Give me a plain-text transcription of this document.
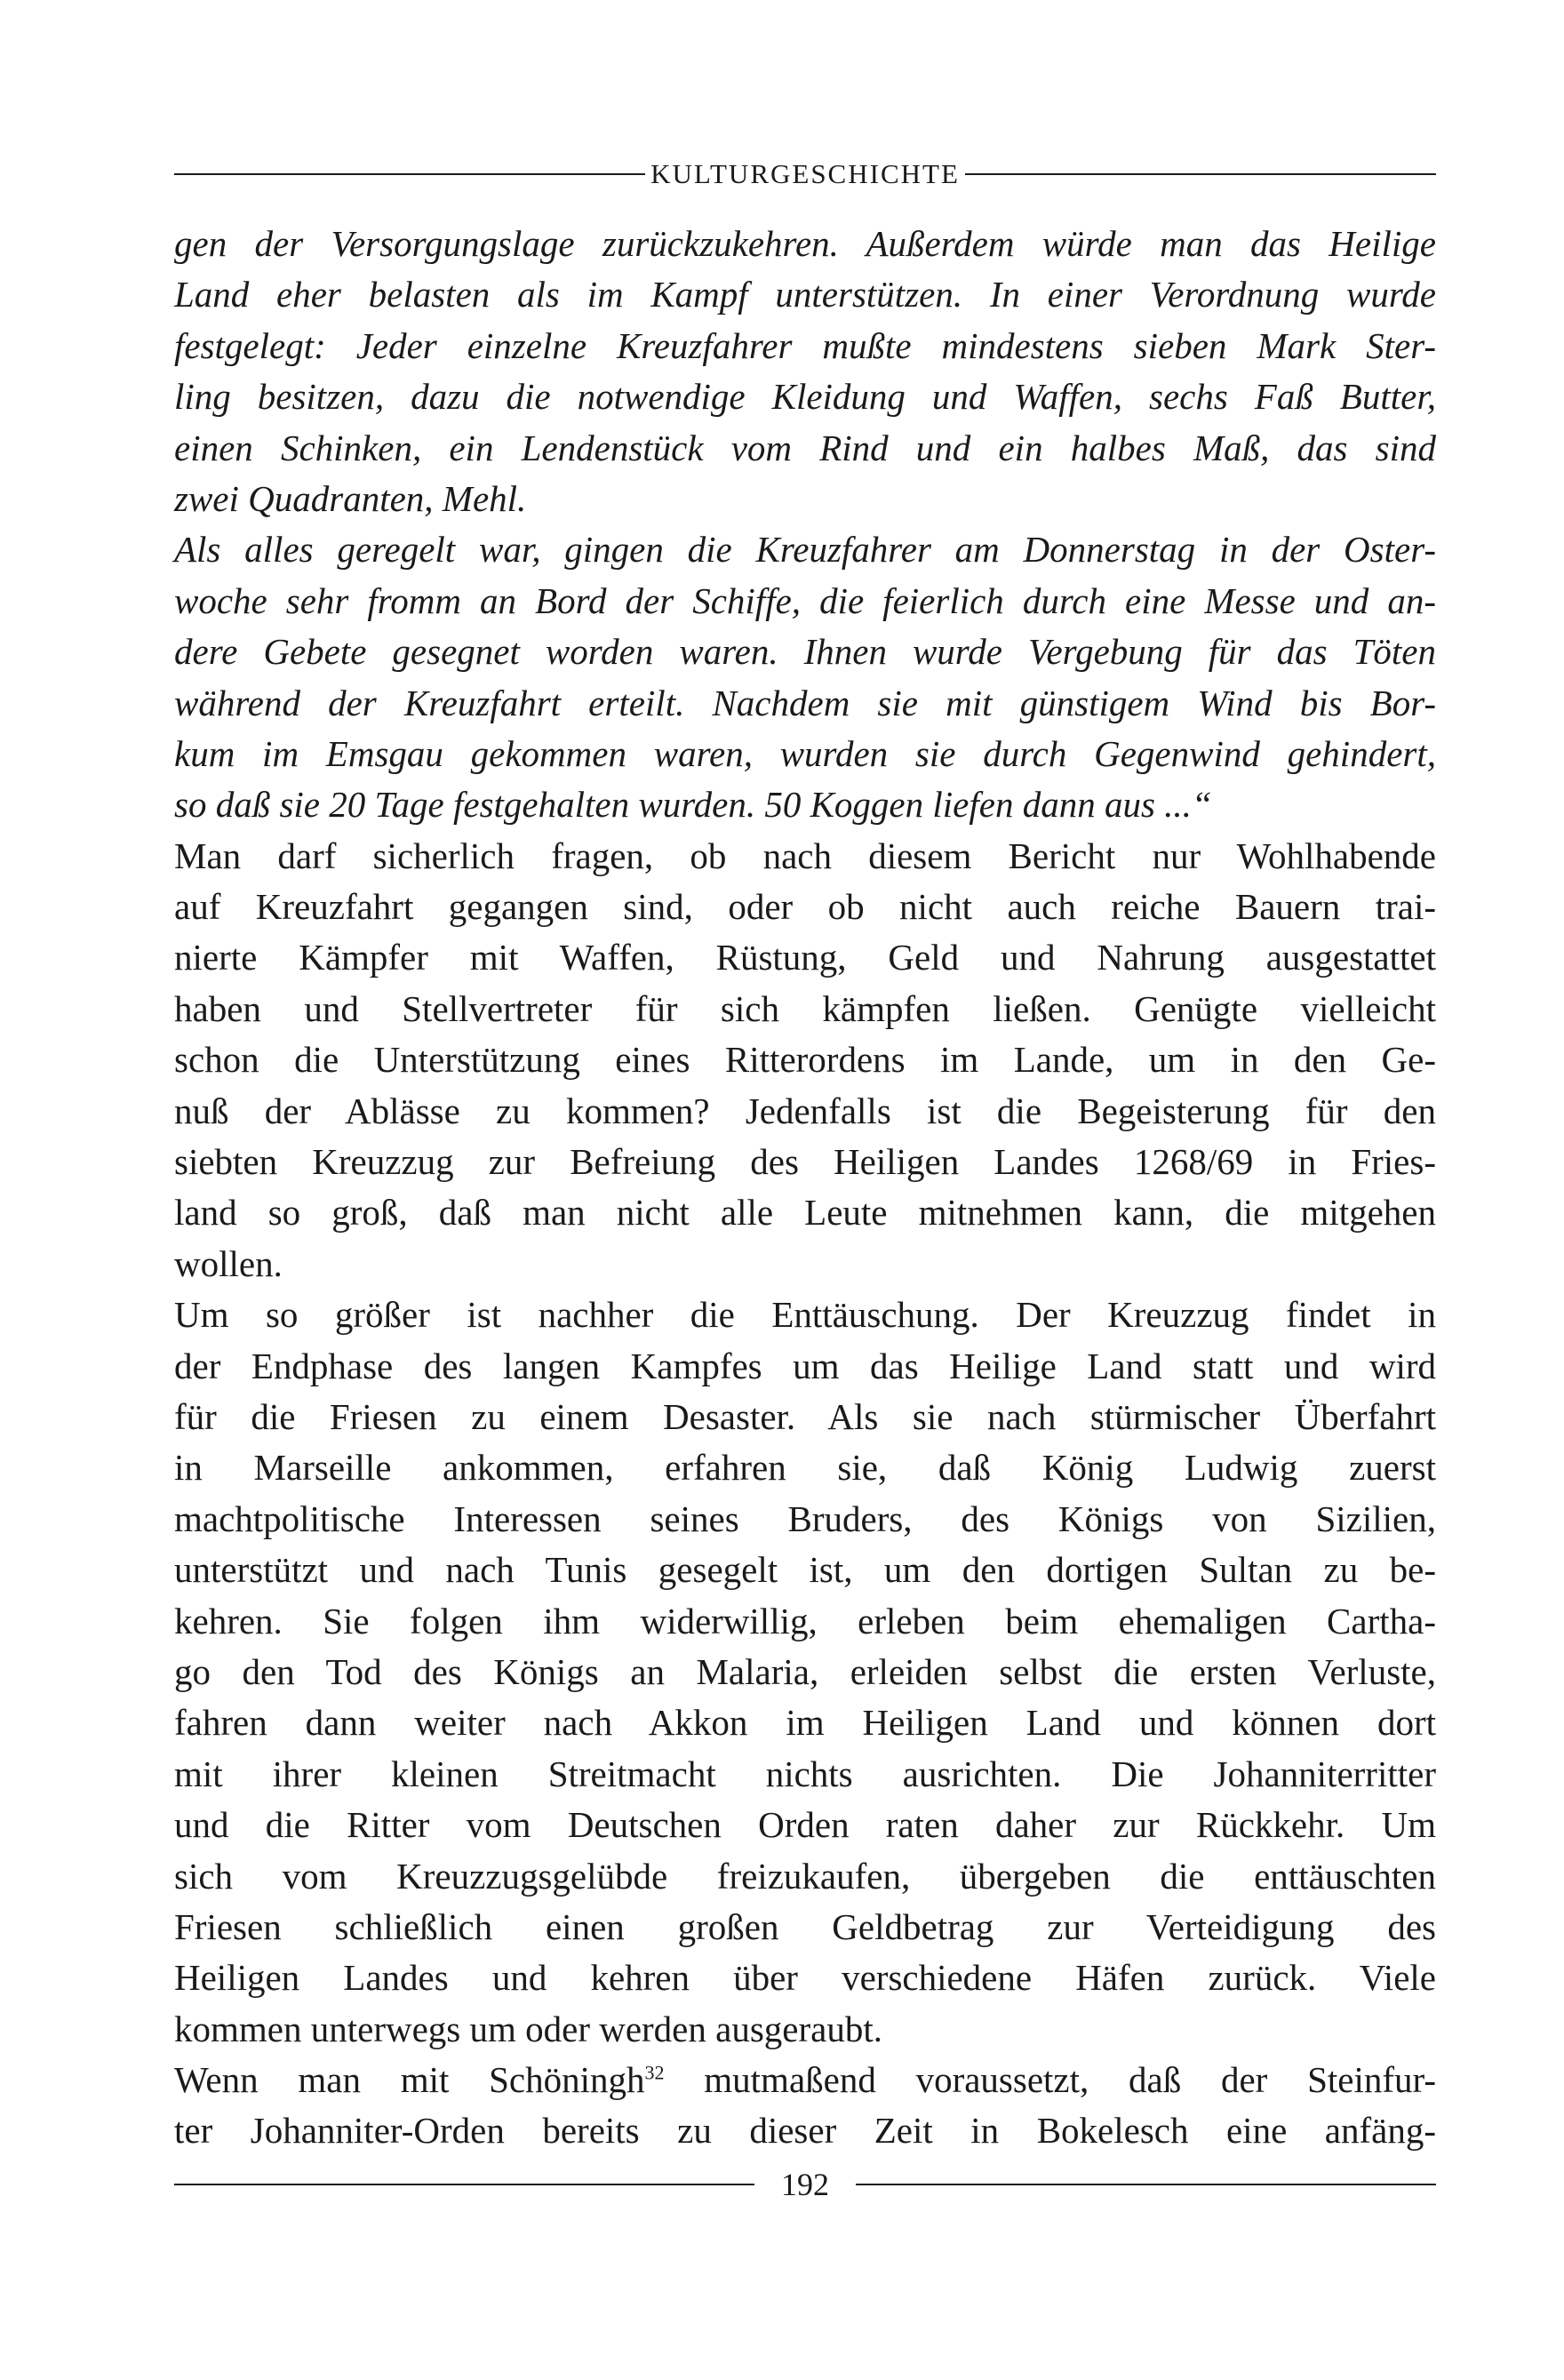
KULTURGESCHICHTE
gen der Versorgungslage zurückzukehren. Außerdem würde man das Heilige
Land eher belasten als im Kampf unterstützen. In einer Verordnung wurde
festgelegt: Jeder einzelne Kreuzfahrer mußte mindestens sieben Mark Ster-
ling besitzen, dazu die notwendige Kleidung und Waffen, sechs Faß Butter,
einen Schinken, ein Lendenstück vom Rind und ein halbes Maß, das sind
zwei Quadranten, Mehl.
Als alles geregelt war, gingen die Kreuzfahrer am Donnerstag in der Oster-
woche sehr fromm an Bord der Schiffe, die feierlich durch eine Messe und an-
dere Gebete gesegnet worden waren. Ihnen wurde Vergebung für das Töten
während der Kreuzfahrt erteilt. Nachdem sie mit günstigem Wind bis Bor-
kum im Emsgau gekommen waren, wurden sie durch Gegenwind gehindert,
so daß sie 20 Tage festgehalten wurden. 50 Koggen liefen dann aus ...“
Man darf sicherlich fragen, ob nach diesem Bericht nur Wohlhabende
auf Kreuzfahrt gegangen sind, oder ob nicht auch reiche Bauern trai-
nierte Kämpfer mit Waffen, Rüstung, Geld und Nahrung ausgestattet
haben und Stellvertreter für sich kämpfen ließen. Genügte vielleicht
schon die Unterstützung eines Ritterordens im Lande, um in den Ge-
nuß der Ablässe zu kommen? Jedenfalls ist die Begeisterung für den
siebten Kreuzzug zur Befreiung des Heiligen Landes 1268/69 in Fries-
land so groß, daß man nicht alle Leute mitnehmen kann, die mitgehen
wollen.
Um so größer ist nachher die Enttäuschung. Der Kreuzzug findet in
der Endphase des langen Kampfes um das Heilige Land statt und wird
für die Friesen zu einem Desaster. Als sie nach stürmischer Überfahrt
in Marseille ankommen, erfahren sie, daß König Ludwig zuerst
machtpolitische Interessen seines Bruders, des Königs von Sizilien,
unterstützt und nach Tunis gesegelt ist, um den dortigen Sultan zu be-
kehren. Sie folgen ihm widerwillig, erleben beim ehemaligen Cartha-
go den Tod des Königs an Malaria, erleiden selbst die ersten Verluste,
fahren dann weiter nach Akkon im Heiligen Land und können dort
mit ihrer kleinen Streitmacht nichts ausrichten. Die Johanniterritter
und die Ritter vom Deutschen Orden raten daher zur Rückkehr. Um
sich vom Kreuzzugsgelübde freizukaufen, übergeben die enttäuschten
Friesen schließlich einen großen Geldbetrag zur Verteidigung des
Heiligen Landes und kehren über verschiedene Häfen zurück. Viele
kommen unterwegs um oder werden ausgeraubt.
Wenn man mit Schöningh$^{32}$ mutmaßend voraussetzt, daß der Steinfur-
ter Johanniter-Orden bereits zu dieser Zeit in Bokelesch eine anfäng-
192
